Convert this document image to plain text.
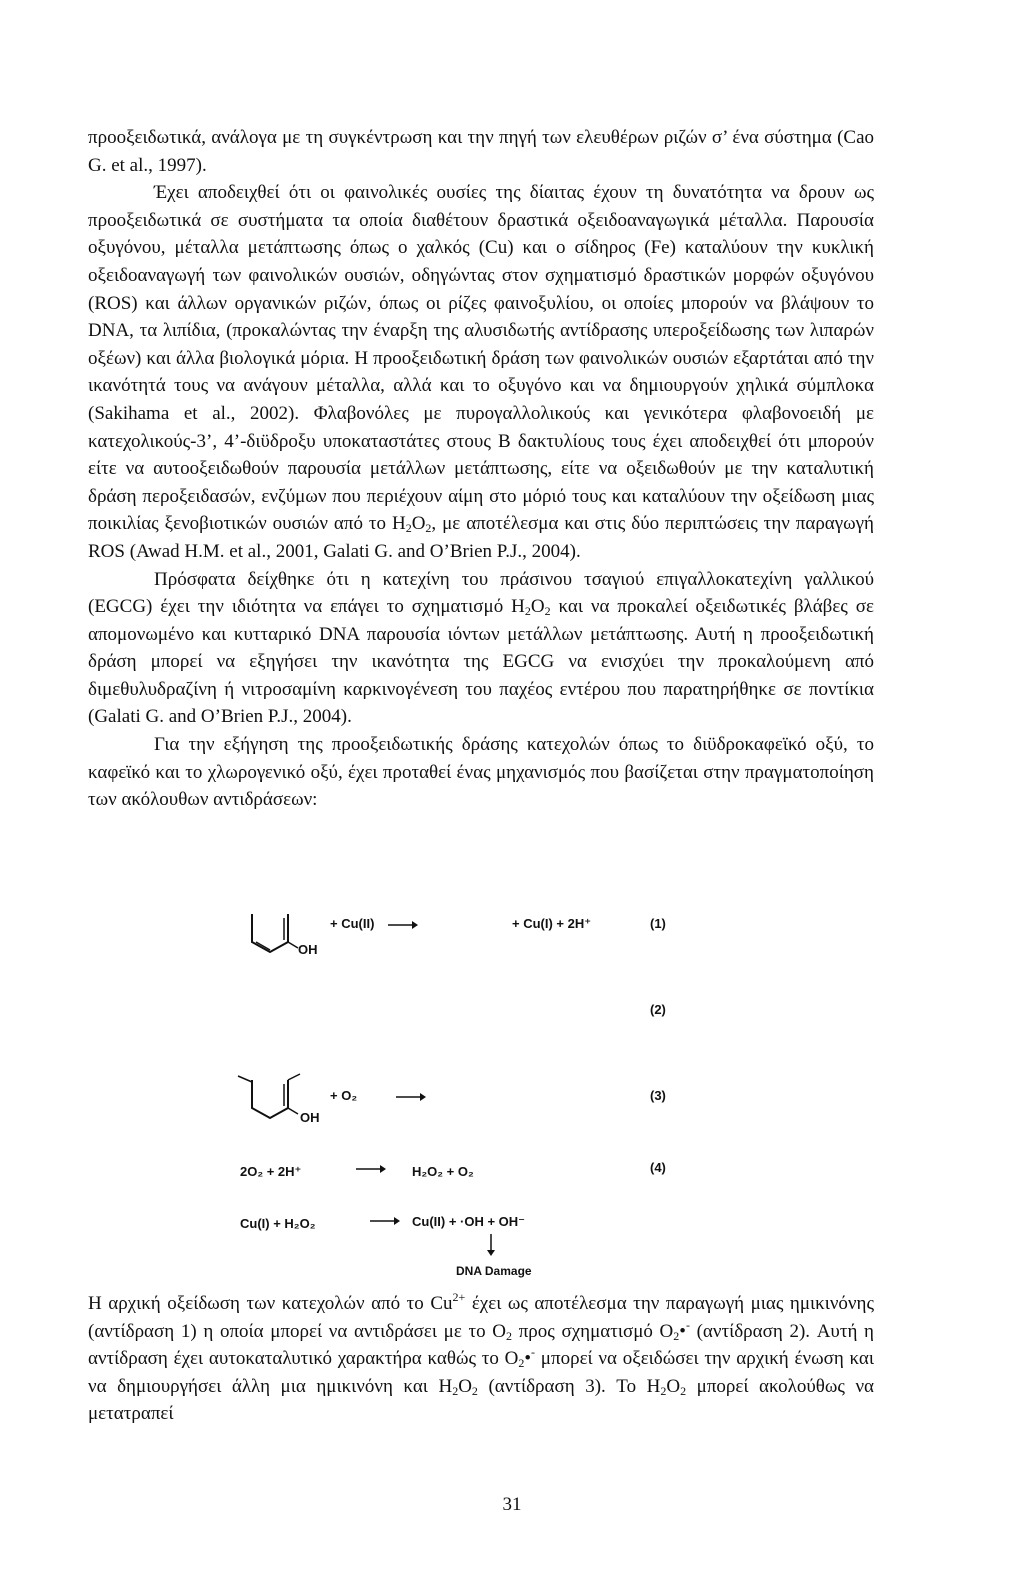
προοξειδωτικά, ανάλογα με τη συγκέντρωση και την πηγή των ελευθέρων ριζών σ’ ένα σύστημα (Cao G. et al., 1997).

Έχει αποδειχθεί ότι οι φαινολικές ουσίες της δίαιτας έχουν τη δυνατότητα να δρουν ως προοξειδωτικά σε συστήματα τα οποία διαθέτουν δραστικά οξειδοαναγωγικά μέταλλα. Παρουσία οξυγόνου, μέταλλα μετάπτωσης όπως ο χαλκός (Cu) και ο σίδηρος (Fe) καταλύουν την κυκλική οξειδοαναγωγή των φαινολικών ουσιών, οδηγώντας στον σχηματισμό δραστικών μορφών οξυγόνου (ROS) και άλλων οργανικών ριζών, όπως οι ρίζες φαινοξυλίου, οι οποίες μπορούν να βλάψουν το DNA, τα λιπίδια, (προκαλώντας την έναρξη της αλυσιδωτής αντίδρασης υπεροξείδωσης των λιπαρών οξέων) και άλλα βιολογικά μόρια. Η προοξειδωτική δράση των φαινολικών ουσιών εξαρτάται από την ικανότητά τους να ανάγουν μέταλλα, αλλά και το οξυγόνο και να δημιουργούν χηλικά σύμπλοκα (Sakihama et al., 2002). Φλαβονόλες με πυρογαλλολικούς και γενικότερα φλαβονοειδή με κατεχολικούς-3’, 4’-διϋδροξυ υποκαταστάτες στους B δακτυλίους τους έχει αποδειχθεί ότι μπορούν είτε να αυτοοξειδωθούν παρουσία μετάλλων μετάπτωσης, είτε να οξειδωθούν με την καταλυτική δράση περοξειδασών, ενζύμων που περιέχουν αίμη στο μόριό τους και καταλύουν την οξείδωση μιας ποικιλίας ξενοβιοτικών ουσιών από το $H_2O_2$, με αποτέλεσμα και στις δύο περιπτώσεις την παραγωγή ROS (Awad H.M. et al., 2001, Galati G. and O’Brien P.J., 2004).

Πρόσφατα δείχθηκε ότι η κατεχίνη του πράσινου τσαγιού επιγαλλοκατεχίνη γαλλικού (EGCG) έχει την ιδιότητα να επάγει το σχηματισμό $H_2O_2$ και να προκαλεί οξειδωτικές βλάβες σε απομονωμένο και κυτταρικό DNA παρουσία ιόντων μετάλλων μετάπτωσης. Αυτή η προοξειδωτική δράση μπορεί να εξηγήσει την ικανότητα της EGCG να ενισχύει την προκαλούμενη από διμεθυλυδραζίνη ή νιτροσαμίνη καρκινογένεση του παχέος εντέρου που παρατηρήθηκε σε ποντίκια (Galati G. and O’Brien P.J., 2004).

Για την εξήγηση της προοξειδωτικής δράσης κατεχολών όπως το διϋδροκαφεϊκό οξύ, το καφεϊκό και το χλωρογενικό οξύ, έχει προταθεί ένας μηχανισμός που βασίζεται στην πραγματοποίηση των ακόλουθων αντιδράσεων:

OH
+ Cu(II)	+ Cu(I) + 2H⁺	(1)
(2)
OH
+ O₂	(3)
2O₂ + 2H⁺	H₂O₂ + O₂	(4)
Cu(I) + H₂O₂	Cu(II) + ·OH + OH⁻
DNA Damage

Η αρχική οξείδωση των κατεχολών από το $Cu^{2+}$ έχει ως αποτέλεσμα την παραγωγή μιας ημικινόνης (αντίδραση 1) η οποία μπορεί να αντιδράσει με το $O_2$ προς σχηματισμό $O_2•^-$ (αντίδραση 2). Αυτή η αντίδραση έχει αυτοκαταλυτικό χαρακτήρα καθώς το $O_2•^-$ μπορεί να οξειδώσει την αρχική ένωση και να δημιουργήσει άλλη μια ημικινόνη και $H_2O_2$ (αντίδραση 3). Το $H_2O_2$ μπορεί ακολούθως να μετατραπεί

31
